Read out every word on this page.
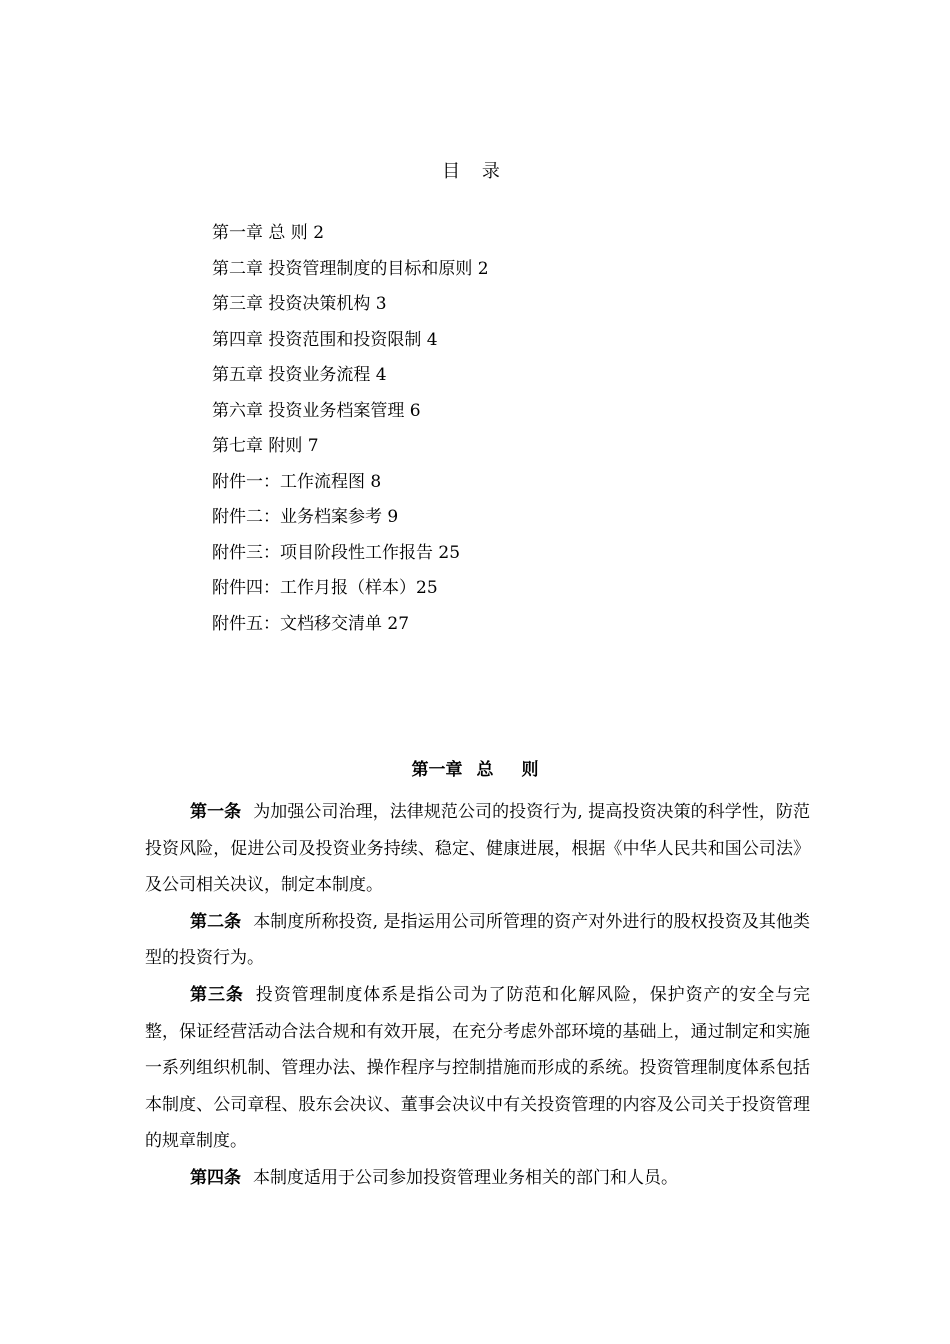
目 录
第一章 总 则 2
第二章 投资管理制度的目标和原则 2
第三章 投资决策机构 3
第四章 投资范围和投资限制 4
第五章 投资业务流程 4
第六章 投资业务档案管理 6
第七章 附则 7
附件一：工作流程图 8
附件二：业务档案参考 9
附件三：项目阶段性工作报告 25
附件四：工作月报（样本）25
附件五：文档移交清单 27
第一章 总 则

第一条 为加强公司治理，法律规范公司的投资行为, 提高投资决策的科学性，防范投资风险，促进公司及投资业务持续、稳定、健康进展，根据《中华人民共和国公司法》及公司相关决议，制定本制度。

第二条 本制度所称投资, 是指运用公司所管理的资产对外进行的股权投资及其他类型的投资行为。

第三条 投资管理制度体系是指公司为了防范和化解风险，保护资产的安全与完整，保证经营活动合法合规和有效开展，在充分考虑外部环境的基础上，通过制定和实施一系列组织机制、管理办法、操作程序与控制措施而形成的系统。投资管理制度体系包括本制度、公司章程、股东会决议、董事会决议中有关投资管理的内容及公司关于投资管理的规章制度。

第四条 本制度适用于公司参加投资管理业务相关的部门和人员。
